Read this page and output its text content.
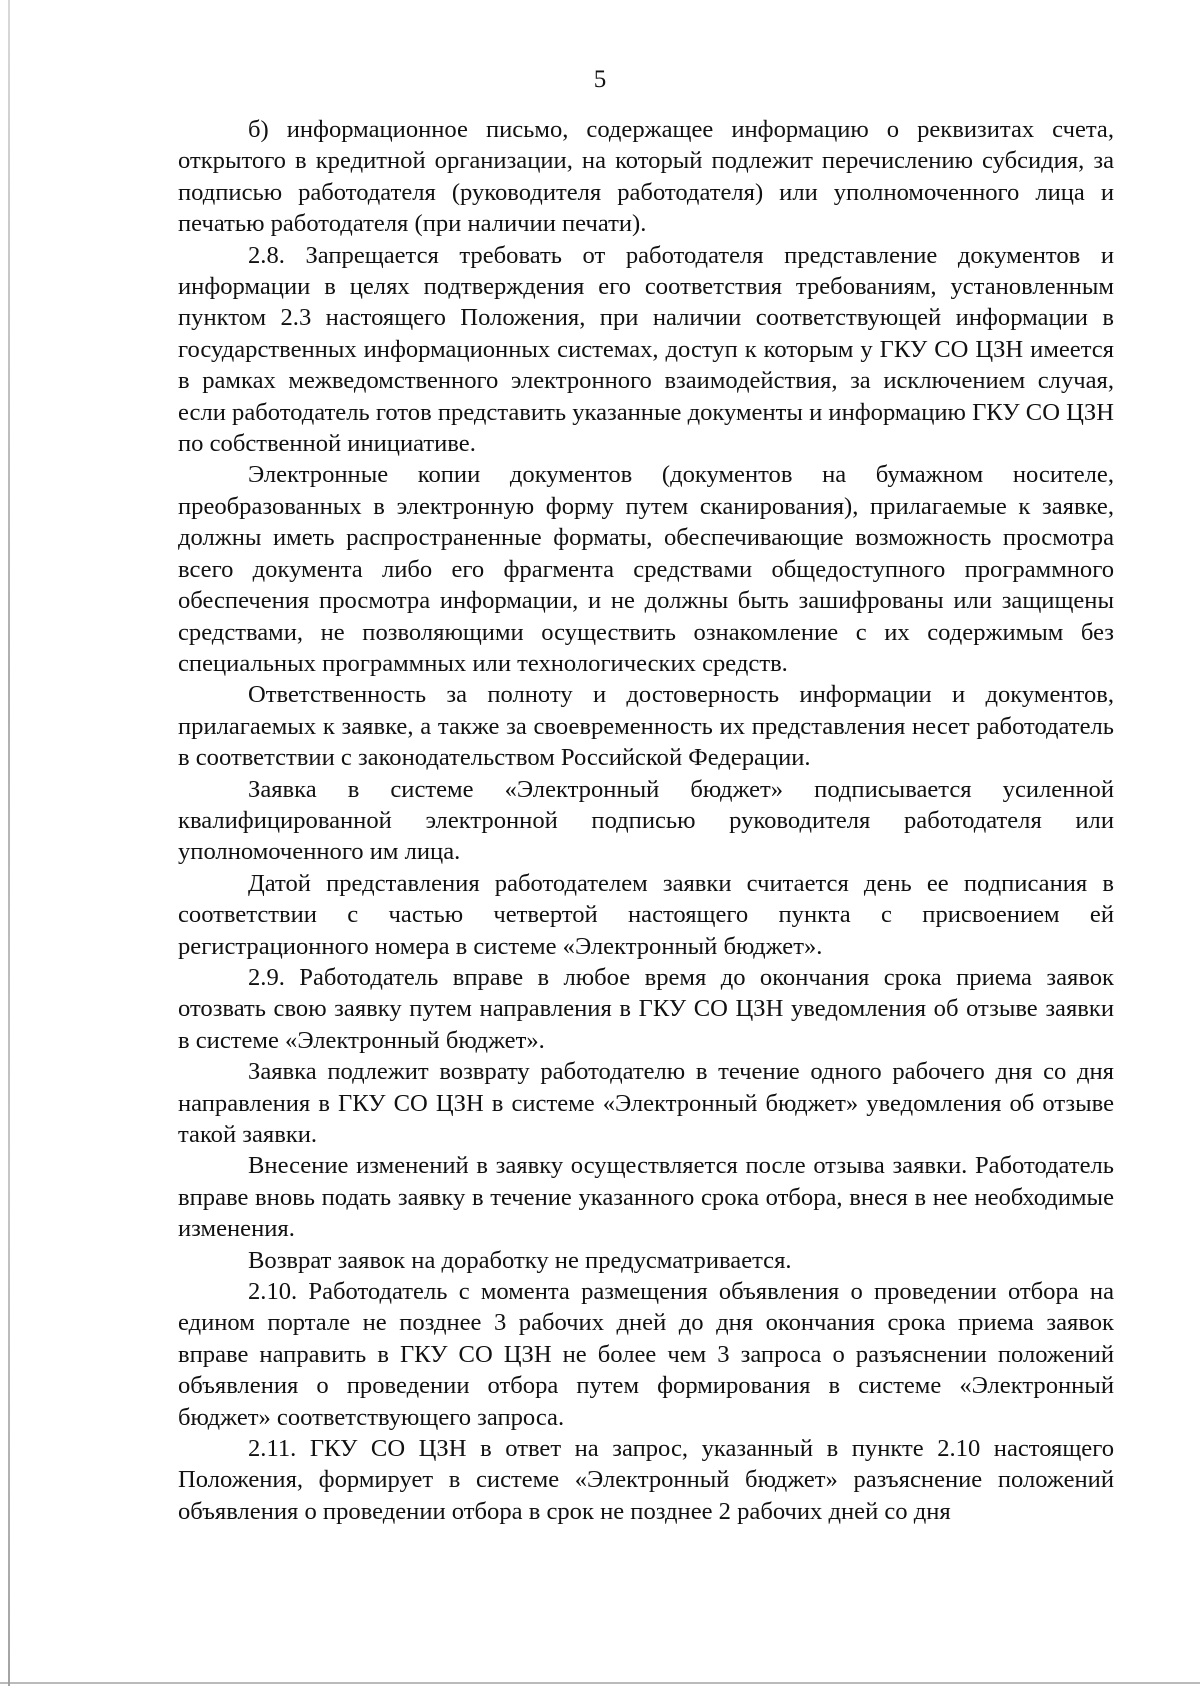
5

б) информационное письмо, содержащее информацию о реквизитах счета, открытого в кредитной организации, на который подлежит перечислению субсидия, за подписью работодателя (руководителя работодателя) или уполномоченного лица и печатью работодателя (при наличии печати).

2.8. Запрещается требовать от работодателя представление документов и информации в целях подтверждения его соответствия требованиям, установленным пунктом 2.3 настоящего Положения, при наличии соответствующей информации в государственных информационных системах, доступ к которым у ГКУ СО ЦЗН имеется в рамках межведомственного электронного взаимодействия, за исключением случая, если работодатель готов представить указанные документы и информацию ГКУ СО ЦЗН по собственной инициативе.

Электронные копии документов (документов на бумажном носителе, преобразованных в электронную форму путем сканирования), прилагаемые к заявке, должны иметь распространенные форматы, обеспечивающие возможность просмотра всего документа либо его фрагмента средствами общедоступного программного обеспечения просмотра информации, и не должны быть зашифрованы или защищены средствами, не позволяющими осуществить ознакомление с их содержимым без специальных программных или технологических средств.

Ответственность за полноту и достоверность информации и документов, прилагаемых к заявке, а также за своевременность их представления несет работодатель в соответствии с законодательством Российской Федерации.

Заявка в системе «Электронный бюджет» подписывается усиленной квалифицированной электронной подписью руководителя работодателя или уполномоченного им лица.

Датой представления работодателем заявки считается день ее подписания в соответствии с частью четвертой настоящего пункта с присвоением ей регистрационного номера в системе «Электронный бюджет».

2.9. Работодатель вправе в любое время до окончания срока приема заявок отозвать свою заявку путем направления в ГКУ СО ЦЗН уведомления об отзыве заявки в системе «Электронный бюджет».

Заявка подлежит возврату работодателю в течение одного рабочего дня со дня направления в ГКУ СО ЦЗН в системе «Электронный бюджет» уведомления об отзыве такой заявки.

Внесение изменений в заявку осуществляется после отзыва заявки. Работодатель вправе вновь подать заявку в течение указанного срока отбора, внеся в нее необходимые изменения.

Возврат заявок на доработку не предусматривается.

2.10. Работодатель с момента размещения объявления о проведении отбора на едином портале не позднее 3 рабочих дней до дня окончания срока приема заявок вправе направить в ГКУ СО ЦЗН не более чем 3 запроса о разъяснении положений объявления о проведении отбора путем формирования в системе «Электронный бюджет» соответствующего запроса.

2.11. ГКУ СО ЦЗН в ответ на запрос, указанный в пункте 2.10 настоящего Положения, формирует в системе «Электронный бюджет» разъяснение положений объявления о проведении отбора в срок не позднее 2 рабочих дней со дня
